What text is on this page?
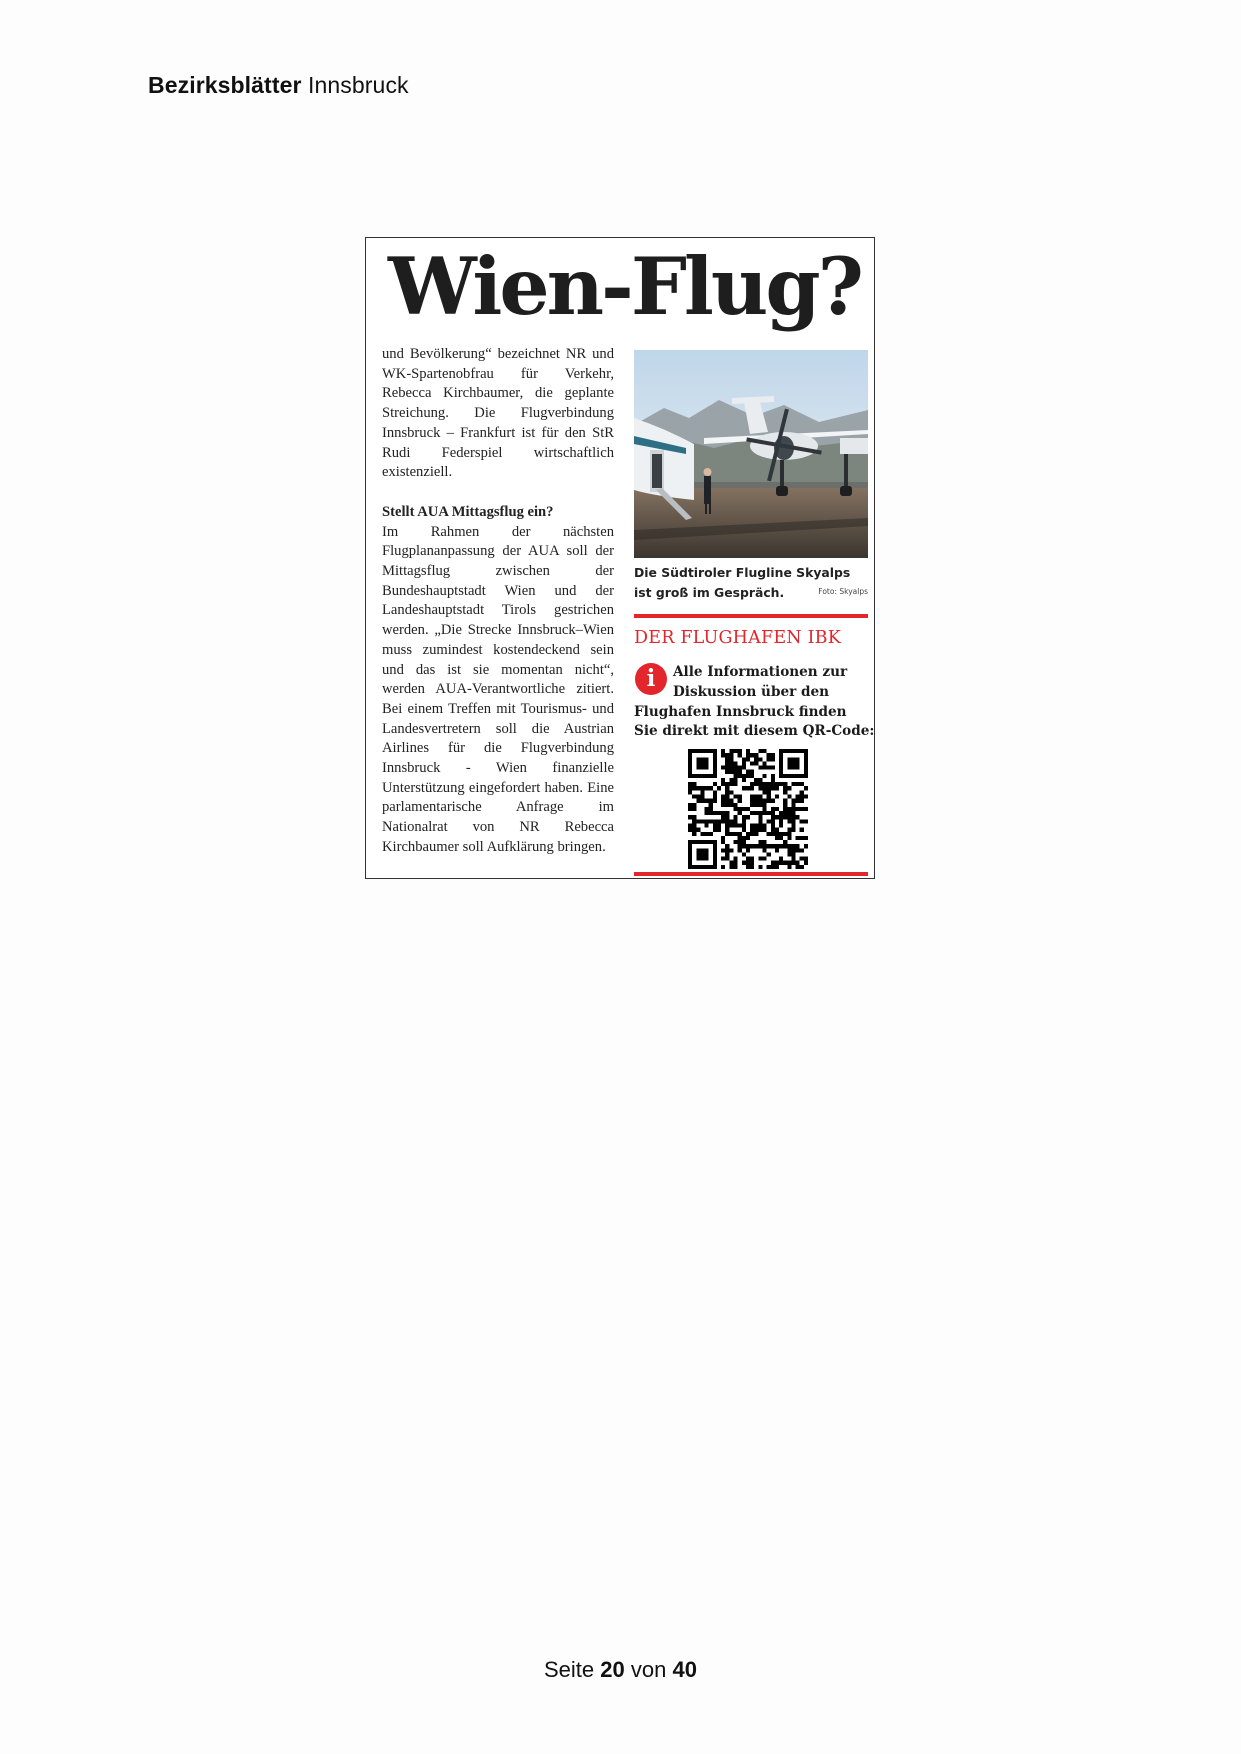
Bezirksblätter Innsbruck
Wien-Flug?

und Bevölkerung“ bezeichnet NR und WK-Spartenobfrau für Verkehr, Rebecca Kirchbaumer, die geplante Streichung. Die Flugverbindung Innsbruck – Frankfurt ist für den StR Rudi Federspiel wirtschaftlich existenziell.

Stellt AUA Mittagsflug ein?

Im Rahmen der nächsten Flugplananpassung der AUA soll der Mittagsflug zwischen der Bundeshauptstadt Wien und der Landeshauptstadt Tirols gestrichen werden. „Die Strecke Innsbruck–Wien muss zumindest kostendeckend sein und das ist sie momentan nicht“, werden AUA-Verantwortliche zitiert. Bei einem Treffen mit Tourismus- und Landesvertretern soll die Austrian Airlines für die Flugverbindung Innsbruck - Wien finanzielle Unterstützung eingefordert haben. Eine parlamentarische Anfrage im Nationalrat von NR Rebecca Kirchbaumer soll Aufklärung bringen.

Die Südtiroler Flugline Skyalps ist groß im Gespräch.	Foto: Skyalps
DER FLUGHAFEN IBK
i	Alle Informationen zur
Diskussion über den
Flughafen Innsbruck finden
Sie direkt mit diesem QR-Code:
Seite 20 von 40
